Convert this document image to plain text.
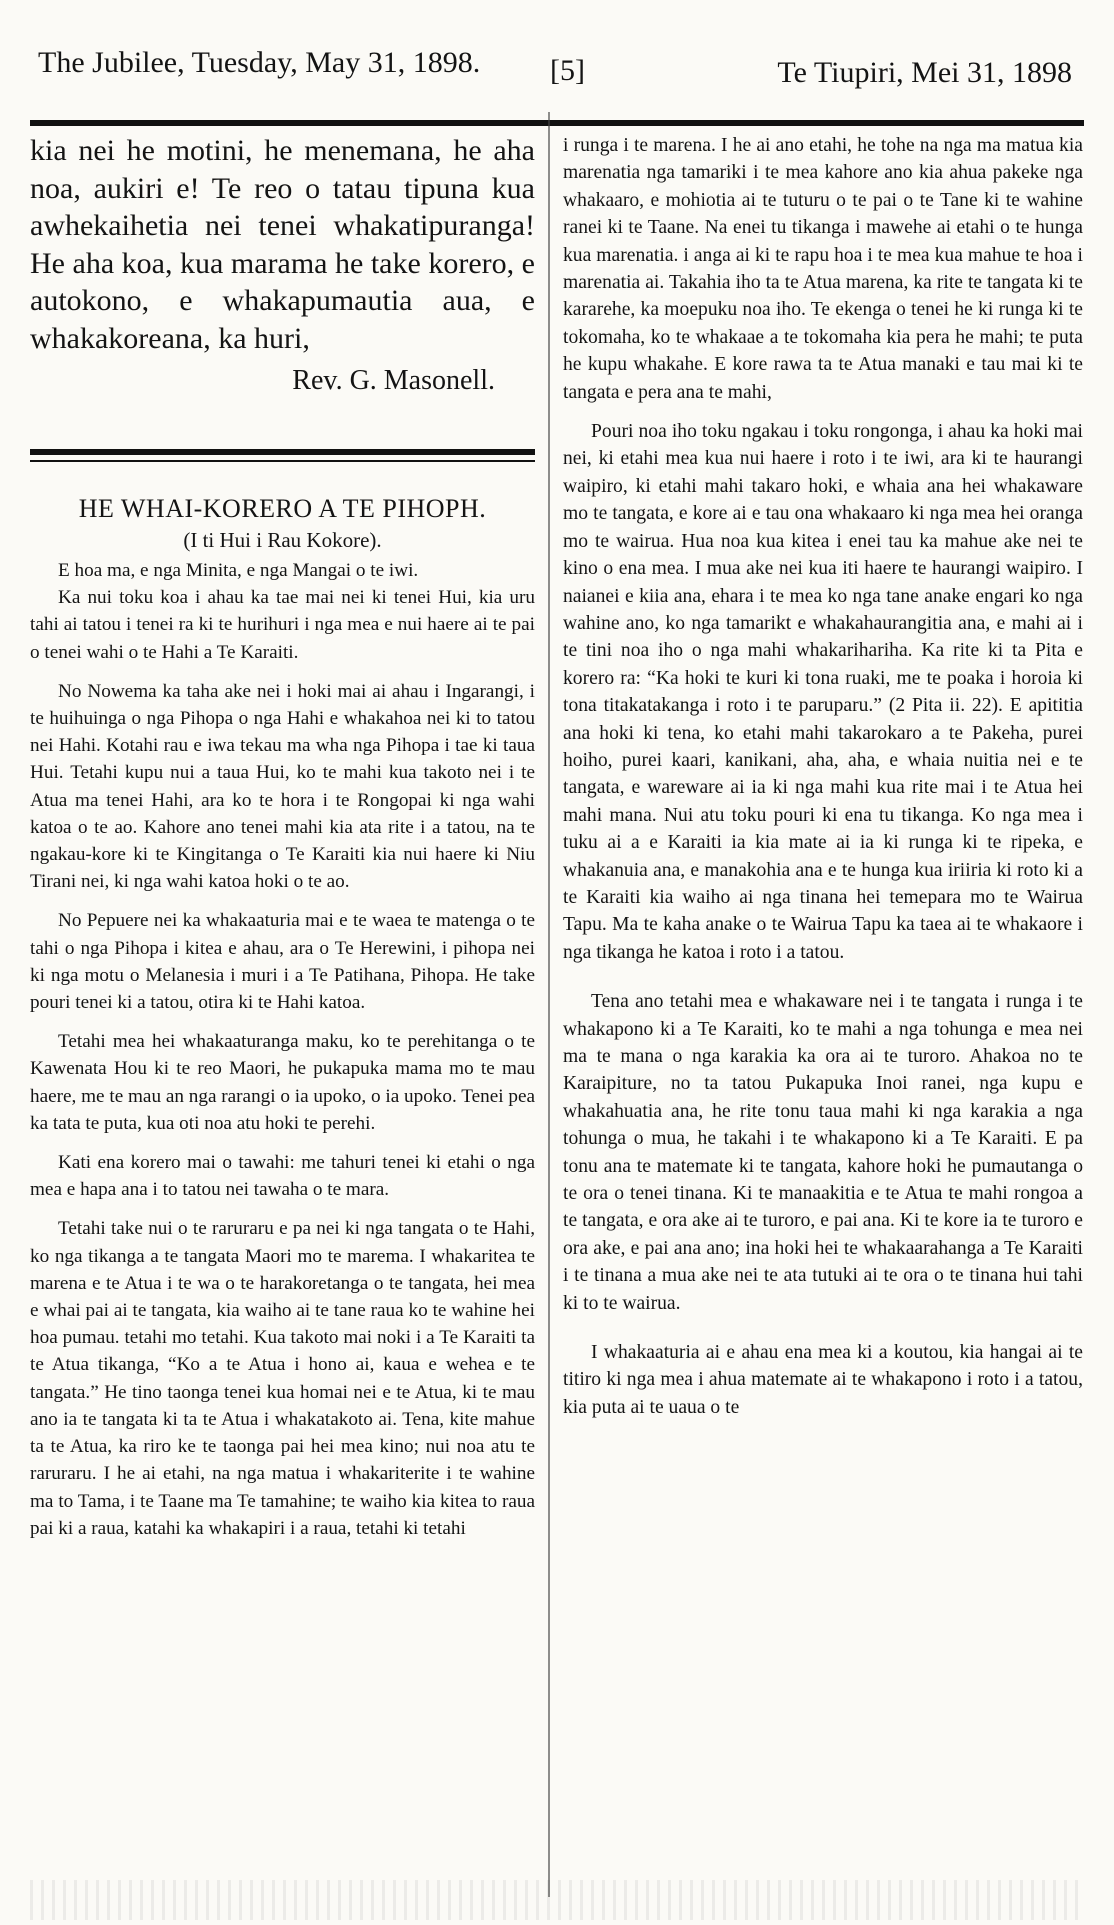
The Jubilee, Tuesday, May 31, 1898. [5]	Te Tiupiri, Mei 31, 1898

kia nei he motini, he menemana, he aha noa, aukiri e! Te reo o tatau tipuna kua awhekaihetia nei tenei whakatipuranga! He aha koa, kua marama he take korero, e autokono, e whakapumautia aua, e whakakoreana, ka huri,

Rev. G. Masonell.
HE WHAI-KORERO A TE PIHOPH.
(I ti Hui i Rau Kokore).

E hoa ma, e nga Minita, e nga Mangai o te iwi.

Ka nui toku koa i ahau ka tae mai nei ki tenei Hui, kia uru tahi ai tatou i tenei ra ki te hurihuri i nga mea e nui haere ai te pai o tenei wahi o te Hahi a Te Karaiti.

No Nowema ka taha ake nei i hoki mai ai ahau i Ingarangi, i te huihuinga o nga Pihopa o nga Hahi e whakahoa nei ki to tatou nei Hahi. Kotahi rau e iwa tekau ma wha nga Pihopa i tae ki taua Hui. Tetahi kupu nui a taua Hui, ko te mahi kua takoto nei i te Atua ma tenei Hahi, ara ko te hora i te Rongopai ki nga wahi katoa o te ao. Kahore ano tenei mahi kia ata rite i a tatou, na te ngakau-kore ki te Kingitanga o Te Karaiti kia nui haere ki Niu Tirani nei, ki nga wahi katoa hoki o te ao.

No Pepuere nei ka whakaaturia mai e te waea te matenga o te tahi o nga Pihopa i kitea e ahau, ara o Te Herewini, i pihopa nei ki nga motu o Melanesia i muri i a Te Patihana, Pihopa. He take pouri tenei ki a tatou, otira ki te Hahi katoa.

Tetahi mea hei whakaaturanga maku, ko te perehitanga o te Kawenata Hou ki te reo Maori, he pukapuka mama mo te mau haere, me te mau an nga rarangi o ia upoko, o ia upoko. Tenei pea ka tata te puta, kua oti noa atu hoki te perehi.

Kati ena korero mai o tawahi: me tahuri tenei ki etahi o nga mea e hapa ana i to tatou nei tawaha o te mara.

Tetahi take nui o te raruraru e pa nei ki nga tangata o te Hahi, ko nga tikanga a te tangata Maori mo te marema. I whakaritea te marena e te Atua i te wa o te harakoretanga o te tangata, hei mea e whai pai ai te tangata, kia waiho ai te tane raua ko te wahine hei hoa pumau. tetahi mo tetahi. Kua takoto mai noki i a Te Karaiti ta te Atua tikanga, “Ko a te Atua i hono ai, kaua e wehea e te tangata.” He tino taonga tenei kua homai nei e te Atua, ki te mau ano ia te tangata ki ta te Atua i whakatakoto ai. Tena, kite mahue ta te Atua, ka riro ke te taonga pai hei mea kino; nui noa atu te raruraru. I he ai etahi, na nga matua i whakariterite i te wahine ma to Tama, i te Taane ma Te tamahine; te waiho kia kitea to raua pai ki a raua, katahi ka whakapiri i a raua, tetahi ki tetahi

i runga i te marena. I he ai ano etahi, he tohe na nga ma matua kia marenatia nga tamariki i te mea kahore ano kia ahua pakeke nga whakaaro, e mohiotia ai te tuturu o te pai o te Tane ki te wahine ranei ki te Taane. Na enei tu tikanga i mawehe ai etahi o te hunga kua marenatia. i anga ai ki te rapu hoa i te mea kua mahue te hoa i marenatia ai. Takahia iho ta te Atua marena, ka rite te tangata ki te kararehe, ka moepuku noa iho. Te ekenga o tenei he ki runga ki te tokomaha, ko te whakaae a te tokomaha kia pera he mahi; te puta he kupu whakahe. E kore rawa ta te Atua manaki e tau mai ki te tangata e pera ana te mahi,

Pouri noa iho toku ngakau i toku rongonga, i ahau ka hoki mai nei, ki etahi mea kua nui haere i roto i te iwi, ara ki te haurangi waipiro, ki etahi mahi takaro hoki, e whaia ana hei whakaware mo te tangata, e kore ai e tau ona whakaaro ki nga mea hei oranga mo te wairua. Hua noa kua kitea i enei tau ka mahue ake nei te kino o ena mea. I mua ake nei kua iti haere te haurangi waipiro. I naianei e kiia ana, ehara i te mea ko nga tane anake engari ko nga wahine ano, ko nga tamarikt e whakahaurangitia ana, e mahi ai i te tini noa iho o nga mahi whakarihariha. Ka rite ki ta Pita e korero ra: “Ka hoki te kuri ki tona ruaki, me te poaka i horoia ki tona titakatakanga i roto i te paruparu.” (2 Pita ii. 22). E apititia ana hoki ki tena, ko etahi mahi takarokaro a te Pakeha, purei hoiho, purei kaari, kanikani, aha, aha, e whaia nuitia nei e te tangata, e wareware ai ia ki nga mahi kua rite mai i te Atua hei mahi mana. Nui atu toku pouri ki ena tu tikanga. Ko nga mea i tuku ai a e Karaiti ia kia mate ai ia ki runga ki te ripeka, e whakanuia ana, e manakohia ana e te hunga kua iriiria ki roto ki a te Karaiti kia waiho ai nga tinana hei temepara mo te Wairua Tapu. Ma te kaha anake o te Wairua Tapu ka taea ai te whakaore i nga tikanga he katoa i roto i a tatou.

Tena ano tetahi mea e whakaware nei i te tangata i runga i te whakapono ki a Te Karaiti, ko te mahi a nga tohunga e mea nei ma te mana o nga karakia ka ora ai te turoro. Ahakoa no te Karaipiture, no ta tatou Pukapuka Inoi ranei, nga kupu e whakahuatia ana, he rite tonu taua mahi ki nga karakia a nga tohunga o mua, he takahi i te whakapono ki a Te Karaiti. E pa tonu ana te matemate ki te tangata, kahore hoki he pumautanga o te ora o tenei tinana. Ki te manaakitia e te Atua te mahi rongoa a te tangata, e ora ake ai te turoro, e pai ana. Ki te kore ia te turoro e ora ake, e pai ana ano; ina hoki hei te whakaarahanga a Te Karaiti i te tinana a mua ake nei te ata tutuki ai te ora o te tinana hui tahi ki to te wairua.

I whakaaturia ai e ahau ena mea ki a koutou, kia hangai ai te titiro ki nga mea i ahua matemate ai te whakapono i roto i a tatou, kia puta ai te uaua o te
